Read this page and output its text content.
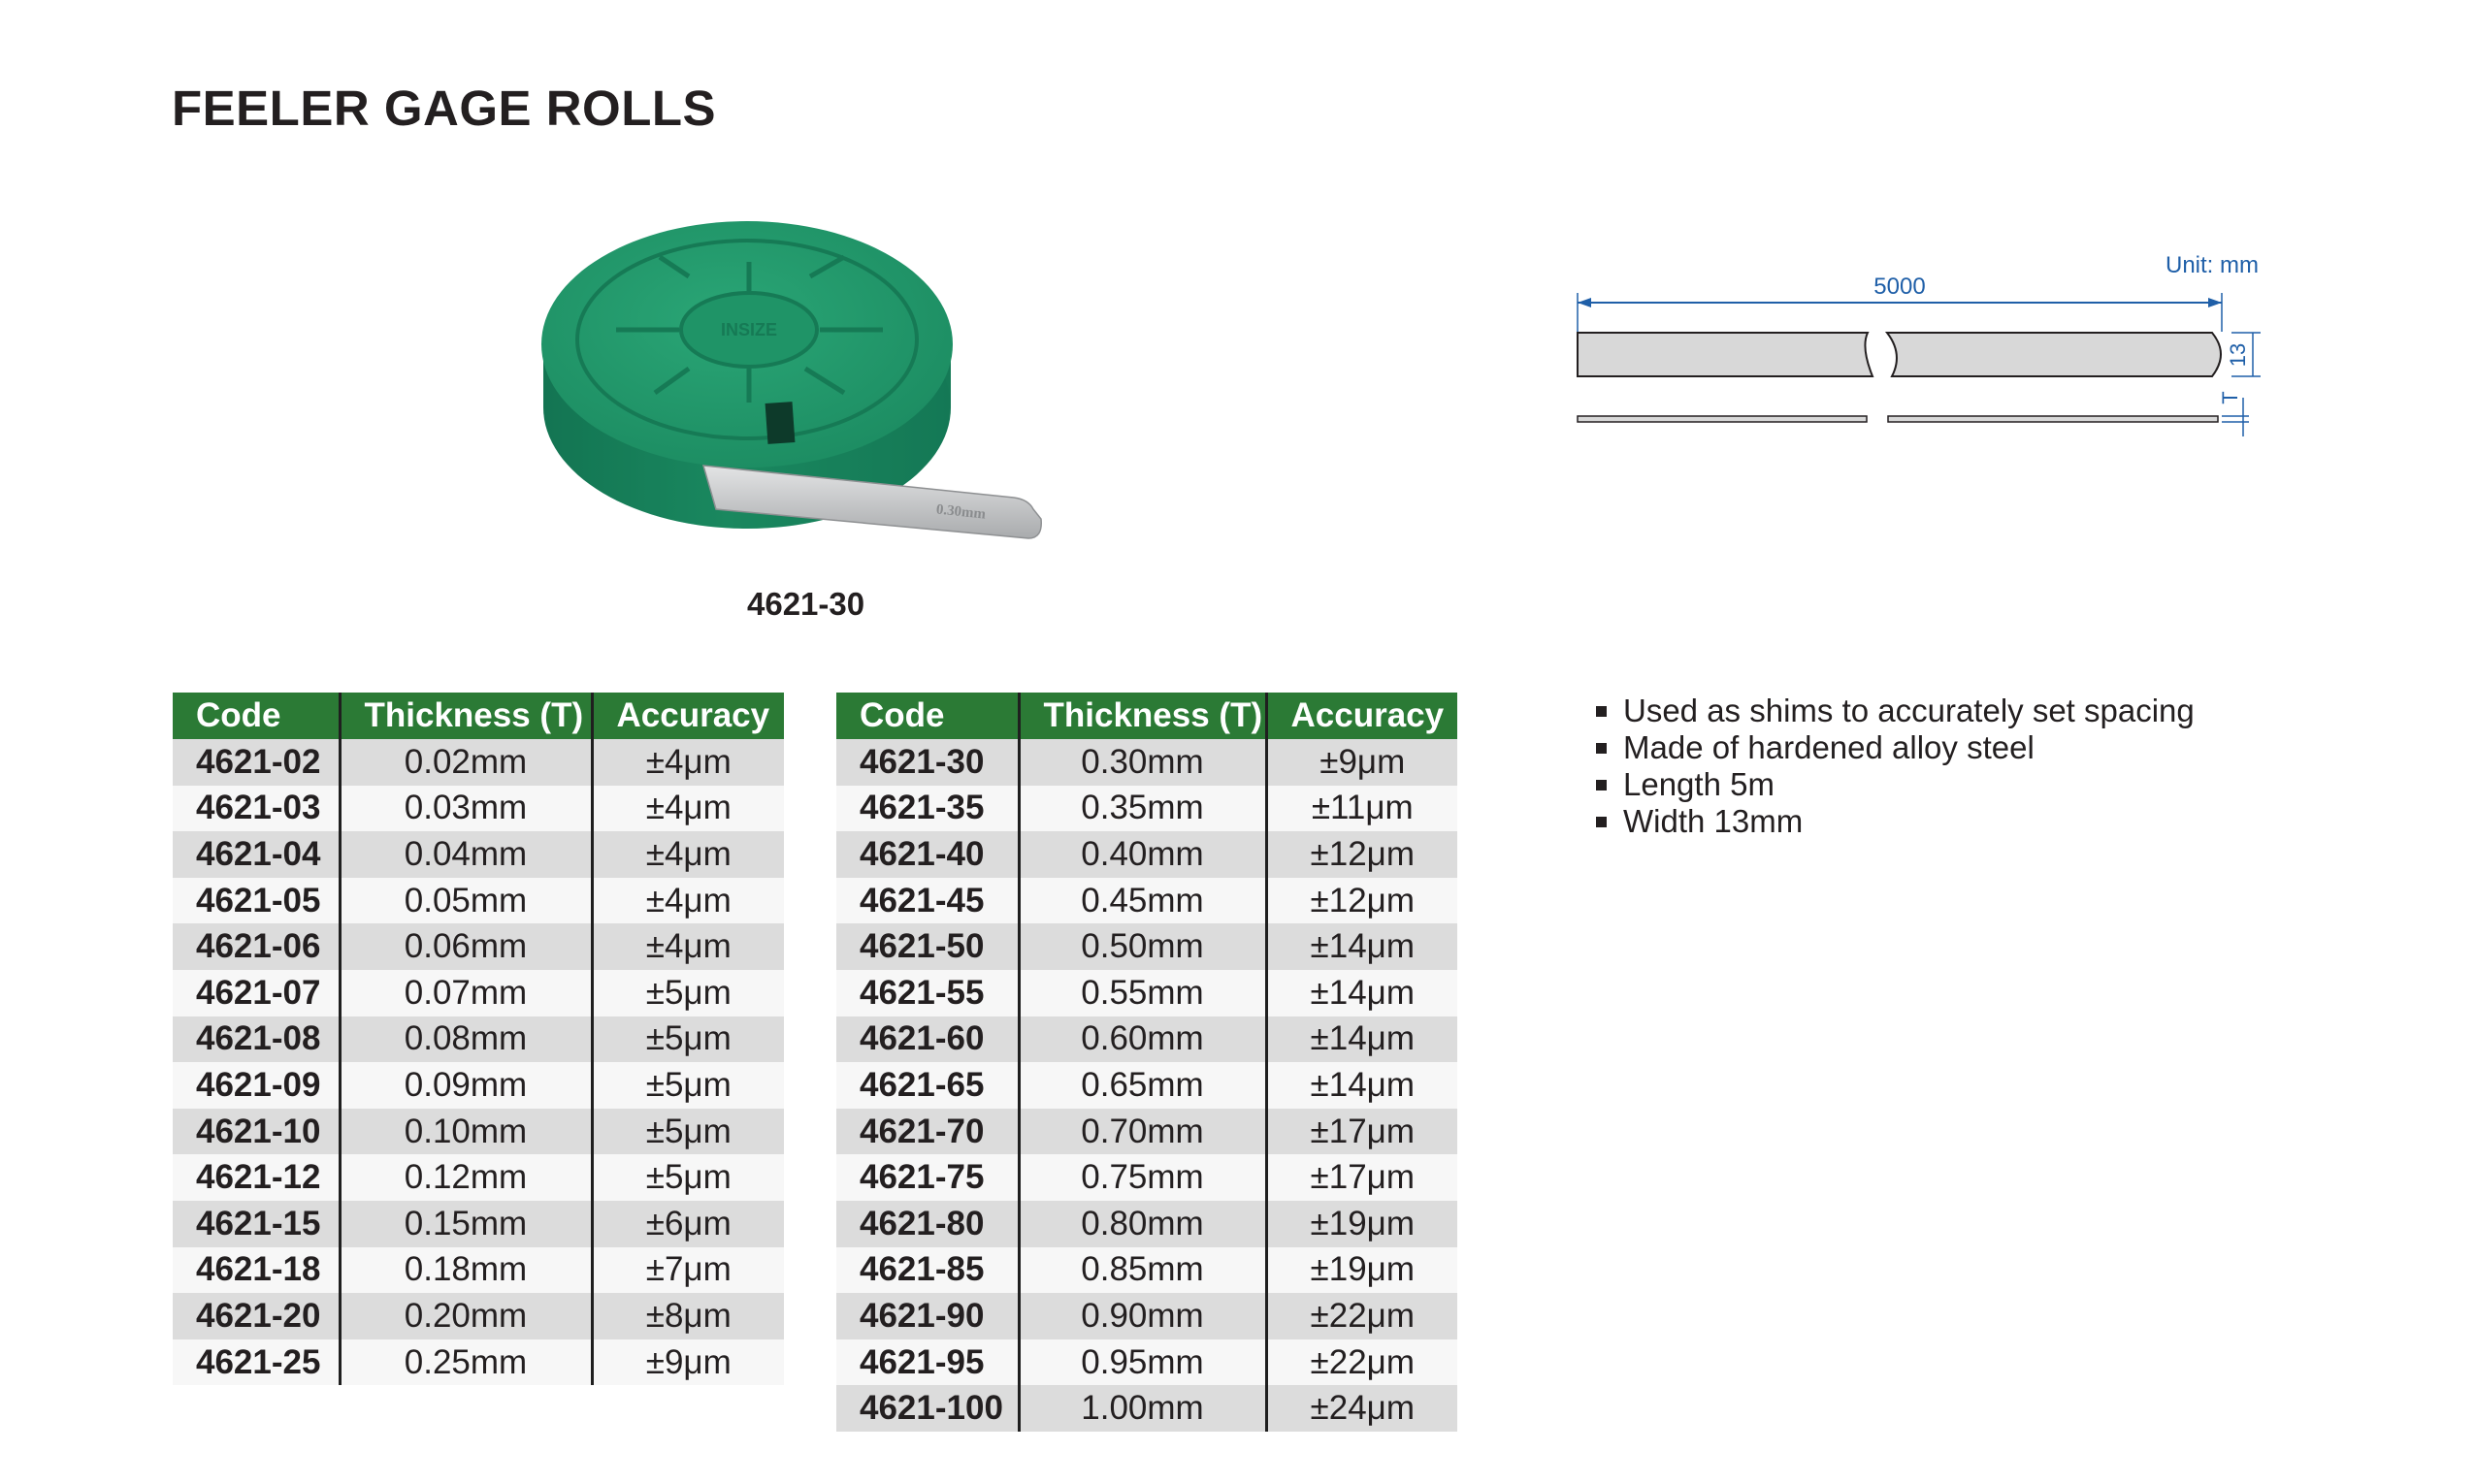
FEELER GAGE ROLLS
INSIZE
0.30mm
4621-30
Unit: mm
5000
13
T
Code	Thickness (T)	Accuracy
4621-02	0.02mm	±4μm
4621-03	0.03mm	±4μm
4621-04	0.04mm	±4μm
4621-05	0.05mm	±4μm
4621-06	0.06mm	±4μm
4621-07	0.07mm	±5μm
4621-08	0.08mm	±5μm
4621-09	0.09mm	±5μm
4621-10	0.10mm	±5μm
4621-12	0.12mm	±5μm
4621-15	0.15mm	±6μm
4621-18	0.18mm	±7μm
4621-20	0.20mm	±8μm
4621-25	0.25mm	±9μm
Code	Thickness (T)	Accuracy
4621-30	0.30mm	±9μm
4621-35	0.35mm	±11μm
4621-40	0.40mm	±12μm
4621-45	0.45mm	±12μm
4621-50	0.50mm	±14μm
4621-55	0.55mm	±14μm
4621-60	0.60mm	±14μm
4621-65	0.65mm	±14μm
4621-70	0.70mm	±17μm
4621-75	0.75mm	±17μm
4621-80	0.80mm	±19μm
4621-85	0.85mm	±19μm
4621-90	0.90mm	±22μm
4621-95	0.95mm	±22μm
4621-100	1.00mm	±24μm
Used as shims to accurately set spacing
Made of hardened alloy steel
Length 5m
Width 13mm
